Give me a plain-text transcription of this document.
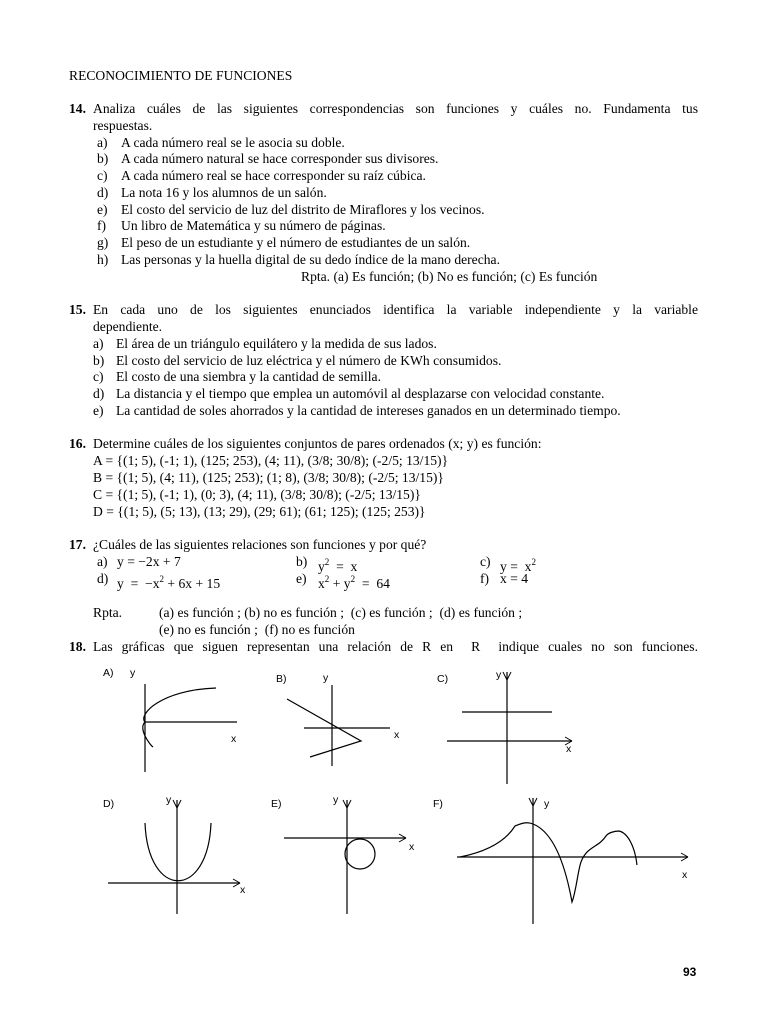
RECONOCIMIENTO DE FUNCIONES
14. Analiza cuáles de las siguientes correspondencias son funciones y cuáles no. Fundamenta tus
respuestas.
a) A cada número real se le asocia su doble.
b) A cada número natural se hace corresponder sus divisores.
c) A cada número real se hace corresponder su raíz cúbica.
d) La nota 16 y los alumnos de un salón.
e) El costo del servicio de luz del distrito de Miraflores y los vecinos.
f) Un libro de Matemática y su número de páginas.
g) El peso de un estudiante y el número de estudiantes de un salón.
h) Las personas y la huella digital de su dedo índice de la mano derecha.
Rpta. (a) Es función; (b) No es función; (c) Es función
15. En cada uno de los siguientes enunciados identifica la variable independiente y la variable
dependiente.
a) El área de un triángulo equilátero y la medida de sus lados.
b) El costo del servicio de luz eléctrica y el número de KWh consumidos.
c) El costo de una siembra y la cantidad de semilla.
d) La distancia y el tiempo que emplea un automóvil al desplazarse con velocidad constante.
e) La cantidad de soles ahorrados y la cantidad de intereses ganados en un determinado tiempo.
16. Determine cuáles de los siguientes conjuntos de pares ordenados (x; y) es función:
A = {(1; 5), (-1; 1), (125; 253), (4; 11), (3/8; 30/8); (-2/5; 13/15)}
B = {(1; 5), (4; 11), (125; 253); (1; 8), (3/8; 30/8); (-2/5; 13/15)}
C = {(1; 5), (-1; 1), (0; 3), (4; 11), (3/8; 30/8); (-2/5; 13/15)}
D = {(1; 5), (5; 13), (13; 29), (29; 61); (61; 125); (125; 253)}
17. ¿Cuáles de las siguientes relaciones son funciones y por qué?
a) y = −2x + 7	b) $y^2 = x$	c) $y = x^2$
d) $y = -x^2 + 6x + 15$	e) $x^2 + y^2 = 64$	f) x = 4
Rpta.	(a) es función ; (b) no es función ;  (c) es función ;  (d) es función ;
(e) no es función ;  (f) no es función
18. Las gráficas que siguen representan una relación de R en  R  indique cuales no son funciones.
A) y
x
B)	y
x
C)	y
x
D)	y
x
E)	y
x
F)	y
x
93
